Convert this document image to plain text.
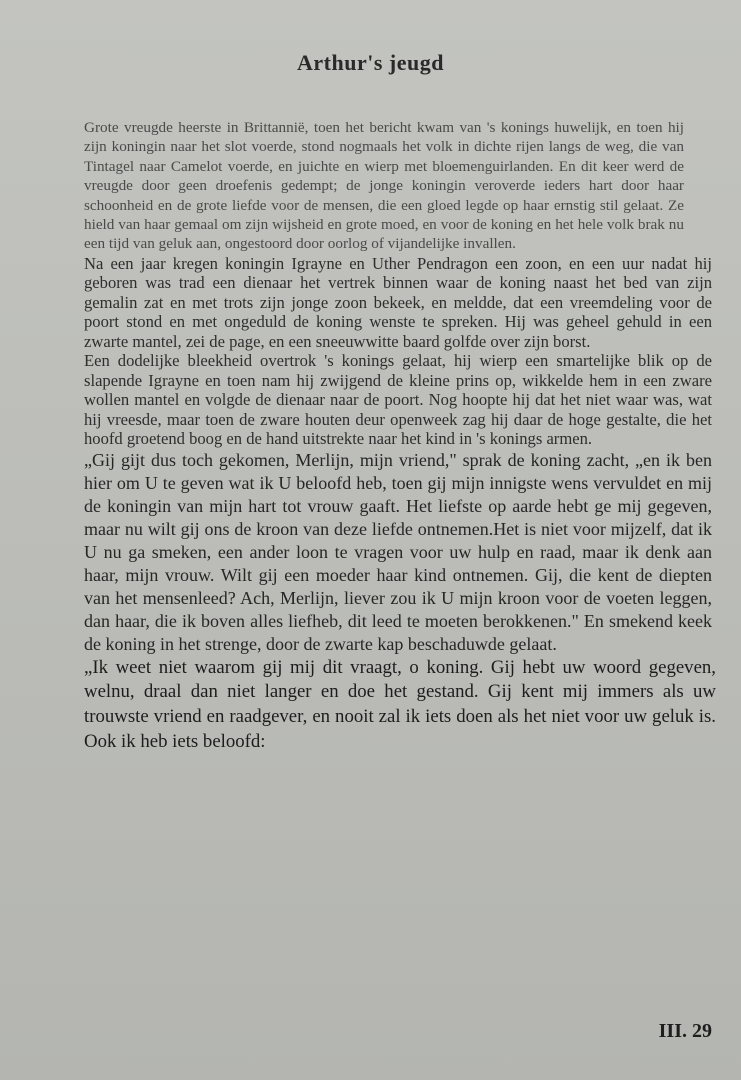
Arthur's jeugd

Grote vreugde heerste in Brittannië, toen het bericht kwam van 's konings huwelijk, en toen hij zijn koningin naar het slot voerde, stond nogmaals het volk in dichte rijen langs de weg, die van Tintagel naar Camelot voerde, en juichte en wierp met bloemenguirlanden. En dit keer werd de vreugde door geen droefenis gedempt; de jonge koningin veroverde ieders hart door haar schoonheid en de grote liefde voor de mensen, die een gloed legde op haar ernstig stil gelaat. Ze hield van haar gemaal om zijn wijsheid en grote moed, en voor de koning en het hele volk brak nu een tijd van geluk aan, ongestoord door oorlog of vijandelijke invallen.

Na een jaar kregen koningin Igrayne en Uther Pendragon een zoon, en een uur nadat hij geboren was trad een dienaar het vertrek binnen waar de koning naast het bed van zijn gemalin zat en met trots zijn jonge zoon bekeek, en meldde, dat een vreemdeling voor de poort stond en met ongeduld de koning wenste te spreken. Hij was geheel gehuld in een zwarte mantel, zei de page, en een sneeuwwitte baard golfde over zijn borst.

Een dodelijke bleekheid overtrok 's konings gelaat, hij wierp een smartelijke blik op de slapende Igrayne en toen nam hij zwijgend de kleine prins op, wikkelde hem in een zware wollen mantel en volgde de dienaar naar de poort. Nog hoopte hij dat het niet waar was, wat hij vreesde, maar toen de zware houten deur openweek zag hij daar de hoge gestalte, die het hoofd groetend boog en de hand uitstrekte naar het kind in 's konings armen.

„Gij gijt dus toch gekomen, Merlijn, mijn vriend," sprak de koning zacht, „en ik ben hier om U te geven wat ik U beloofd heb, toen gij mijn innigste wens vervuldet en mij de koningin van mijn hart tot vrouw gaaft. Het liefste op aarde hebt ge mij gegeven, maar nu wilt gij ons de kroon van deze liefde ontnemen.Het is niet voor mijzelf, dat ik U nu ga smeken, een ander loon te vragen voor uw hulp en raad, maar ik denk aan haar, mijn vrouw. Wilt gij een moeder haar kind ontnemen. Gij, die kent de diepten van het mensenleed? Ach, Merlijn, liever zou ik U mijn kroon voor de voeten leggen, dan haar, die ik boven alles liefheb, dit leed te moeten berokkenen." En smekend keek de koning in het strenge, door de zwarte kap beschaduwde gelaat.

„Ik weet niet waarom gij mij dit vraagt, o koning. Gij hebt uw woord gegeven, welnu, draal dan niet langer en doe het gestand. Gij kent mij immers als uw trouwste vriend en raadgever, en nooit zal ik iets doen als het niet voor uw geluk is. Ook ik heb iets beloofd:

III. 29
